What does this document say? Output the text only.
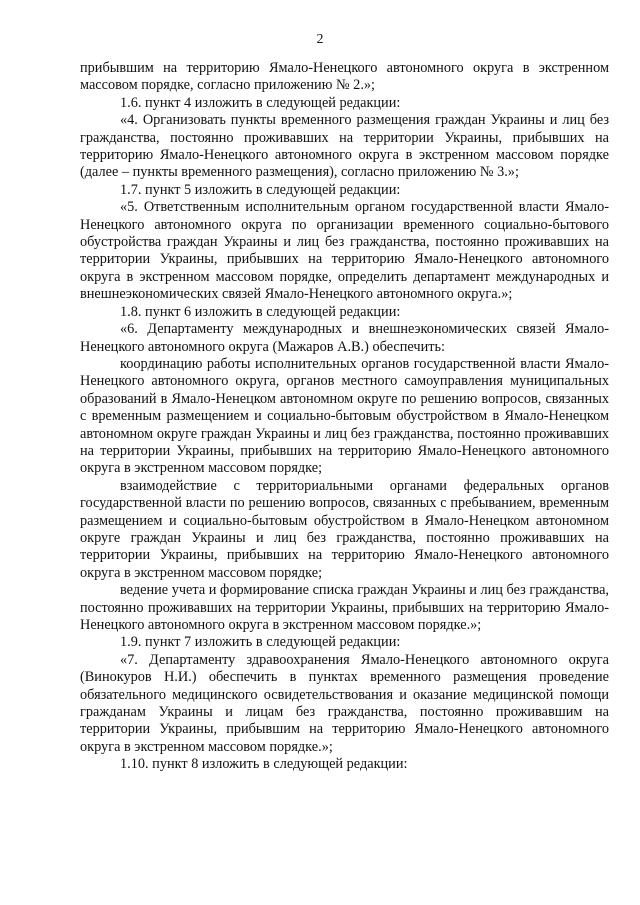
2

прибывшим на территорию Ямало-Ненецкого автономного округа в экстренном массовом порядке, согласно приложению № 2.»;

1.6. пункт 4 изложить в следующей редакции:

«4. Организовать пункты временного размещения граждан Украины и лиц без гражданства, постоянно проживавших на территории Украины, прибывших на территорию Ямало-Ненецкого автономного округа в экстренном массовом порядке (далее – пункты временного размещения), согласно приложению № 3.»;

1.7. пункт 5 изложить в следующей редакции:

«5. Ответственным исполнительным органом государственной власти Ямало-Ненецкого автономного округа по организации временного социально-бытового обустройства граждан Украины и лиц без гражданства, постоянно проживавших на территории Украины, прибывших на территорию Ямало-Ненецкого автономного округа в экстренном массовом порядке, определить департамент международных и внешнеэкономических связей Ямало-Ненецкого автономного округа.»;

1.8. пункт 6 изложить в следующей редакции:

«6. Департаменту международных и внешнеэкономических связей Ямало-Ненецкого автономного округа (Мажаров А.В.) обеспечить:

координацию работы исполнительных органов государственной власти Ямало-Ненецкого автономного округа, органов местного самоуправления муниципальных образований в Ямало-Ненецком автономном округе по решению вопросов, связанных с временным размещением и социально-бытовым обустройством в Ямало-Ненецком автономном округе граждан Украины и лиц без гражданства, постоянно проживавших на территории Украины, прибывших на территорию Ямало-Ненецкого автономного округа в экстренном массовом порядке;

взаимодействие с территориальными органами федеральных органов государственной власти по решению вопросов, связанных с пребыванием, временным размещением и социально-бытовым обустройством в Ямало-Ненецком автономном округе граждан Украины и лиц без гражданства, постоянно проживавших на территории Украины, прибывших на территорию Ямало-Ненецкого автономного округа в экстренном массовом порядке;

ведение учета и формирование списка граждан Украины и лиц без гражданства, постоянно проживавших на территории Украины, прибывших на территорию Ямало-Ненецкого автономного округа в экстренном массовом порядке.»;

1.9. пункт 7 изложить в следующей редакции:

«7. Департаменту здравоохранения Ямало-Ненецкого автономного округа (Винокуров Н.И.) обеспечить в пунктах временного размещения проведение обязательного медицинского освидетельствования и оказание медицинской помощи гражданам Украины и лицам без гражданства, постоянно проживавшим на территории Украины, прибывшим на территорию Ямало-Ненецкого автономного округа в экстренном массовом порядке.»;

1.10. пункт 8 изложить в следующей редакции:
